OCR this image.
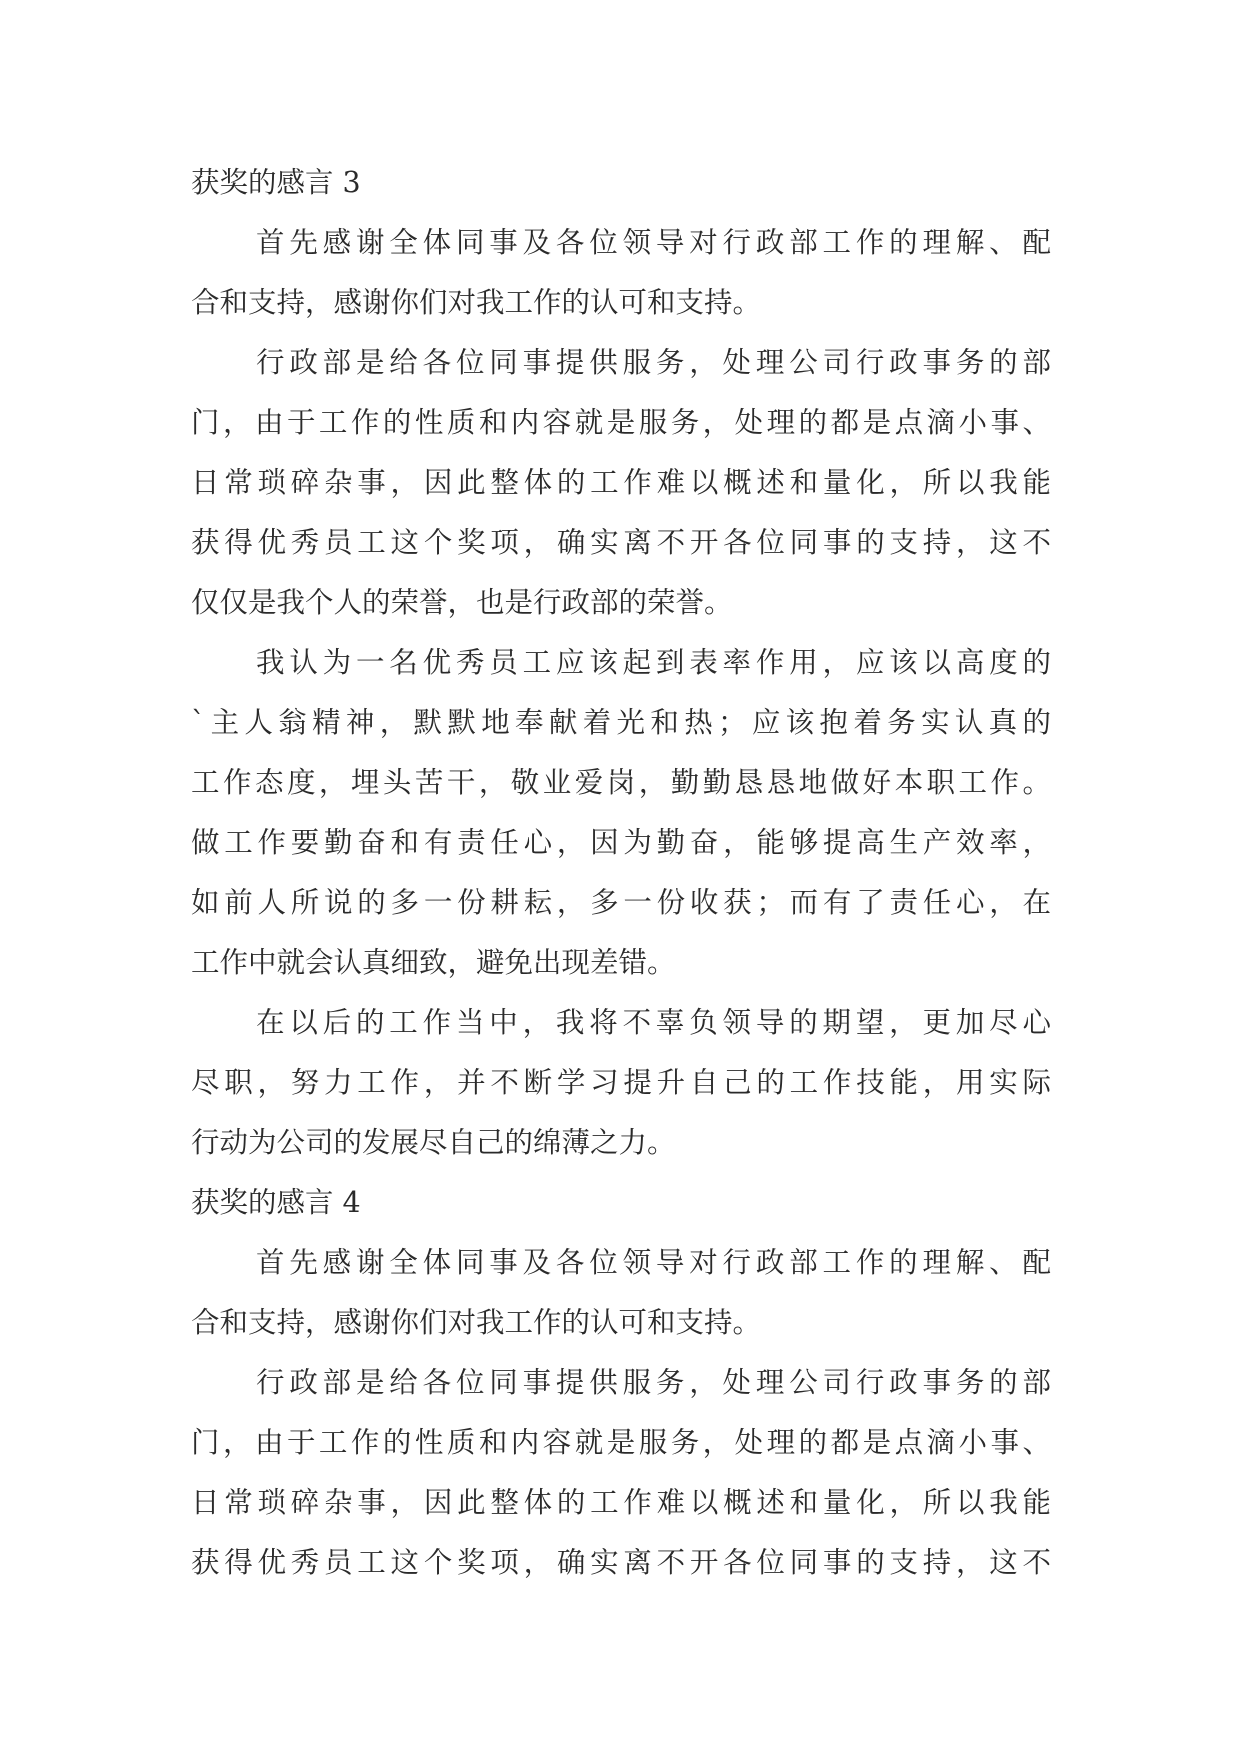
获奖的感言 3
首先感谢全体同事及各位领导对行政部工作的理解、配
合和支持，感谢你们对我工作的认可和支持。
行政部是给各位同事提供服务，处理公司行政事务的部
门，由于工作的性质和内容就是服务，处理的都是点滴小事、
日常琐碎杂事，因此整体的工作难以概述和量化，所以我能
获得优秀员工这个奖项，确实离不开各位同事的支持，这不
仅仅是我个人的荣誉，也是行政部的荣誉。
我认为一名优秀员工应该起到表率作用，应该以高度的
`主人翁精神，默默地奉献着光和热；应该抱着务实认真的
工作态度，埋头苦干，敬业爱岗，勤勤恳恳地做好本职工作。
做工作要勤奋和有责任心，因为勤奋，能够提高生产效率，
如前人所说的多一份耕耘，多一份收获；而有了责任心，在
工作中就会认真细致，避免出现差错。
在以后的工作当中，我将不辜负领导的期望，更加尽心
尽职，努力工作，并不断学习提升自己的工作技能，用实际
行动为公司的发展尽自己的绵薄之力。
获奖的感言 4
首先感谢全体同事及各位领导对行政部工作的理解、配
合和支持，感谢你们对我工作的认可和支持。
行政部是给各位同事提供服务，处理公司行政事务的部
门，由于工作的性质和内容就是服务，处理的都是点滴小事、
日常琐碎杂事，因此整体的工作难以概述和量化，所以我能
获得优秀员工这个奖项，确实离不开各位同事的支持，这不
